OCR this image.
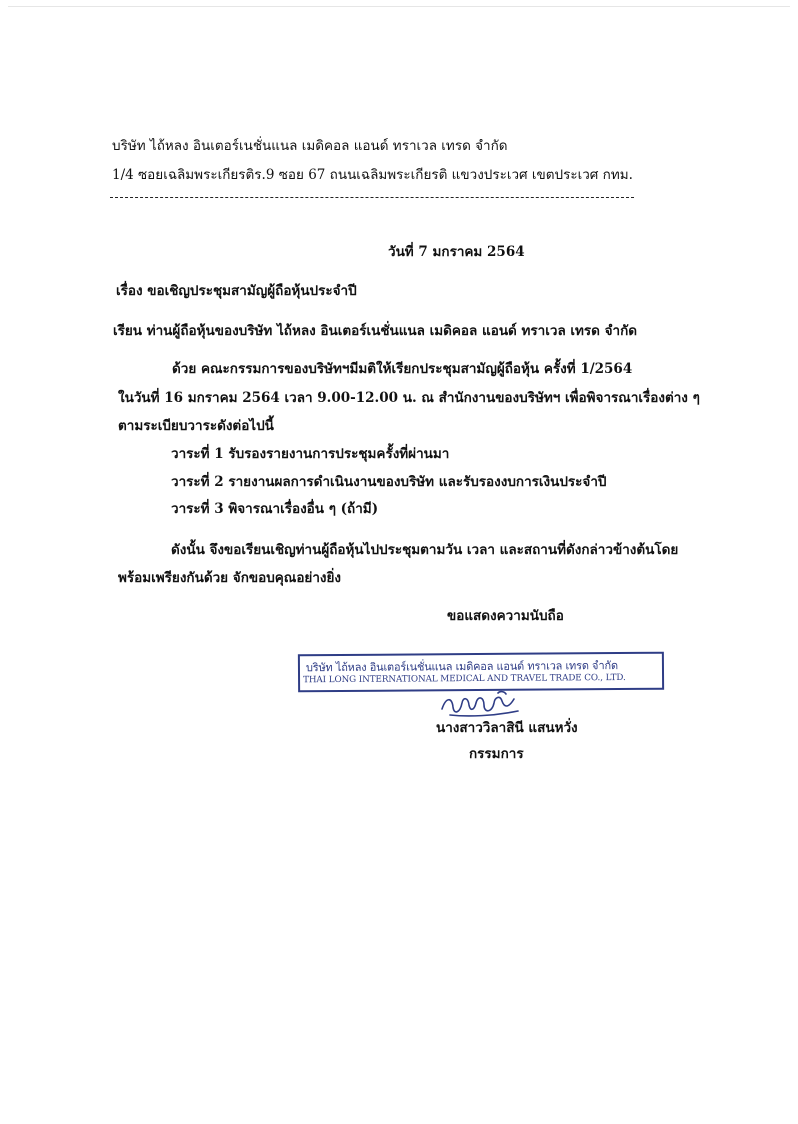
บริษัท ไถ้หลง อินเตอร์เนชั่นแนล เมดิคอล แอนด์ ทราเวล เทรด จำกัด
1/4 ซอยเฉลิมพระเกียรติร.9 ซอย 67 ถนนเฉลิมพระเกียรติ แขวงประเวศ เขตประเวศ กทม.
วันที่ 7 มกราคม 2564
เรื่อง ขอเชิญประชุมสามัญผู้ถือหุ้นประจำปี
เรียน ท่านผู้ถือหุ้นของบริษัท ไถ้หลง อินเตอร์เนชั่นแนล เมดิคอล แอนด์ ทราเวล เทรด จำกัด
ด้วย คณะกรรมการของบริษัทฯมีมติให้เรียกประชุมสามัญผู้ถือหุ้น ครั้งที่ 1/2564
ในวันที่ 16 มกราคม 2564 เวลา 9.00-12.00 น. ณ สำนักงานของบริษัทฯ เพื่อพิจารณาเรื่องต่าง ๆ
ตามระเบียบวาระดังต่อไปนี้
วาระที่ 1 รับรองรายงานการประชุมครั้งที่ผ่านมา
วาระที่ 2 รายงานผลการดำเนินงานของบริษัท และรับรองงบการเงินประจำปี
วาระที่ 3 พิจารณาเรื่องอื่น ๆ (ถ้ามี)
ดังนั้น จึงขอเรียนเชิญท่านผู้ถือหุ้นไปประชุมตามวัน เวลา และสถานที่ดังกล่าวข้างต้นโดย
พร้อมเพรียงกันด้วย จักขอบคุณอย่างยิ่ง
ขอแสดงความนับถือ
บริษัท ไถ้หลง อินเตอร์เนชั่นแนล เมดิคอล แอนด์ ทราเวล เทรด จำกัด
THAI LONG INTERNATIONAL MEDICAL AND TRAVEL TRADE CO., LTD.
นางสาววิลาสินี แสนหวั่ง
กรรมการ
